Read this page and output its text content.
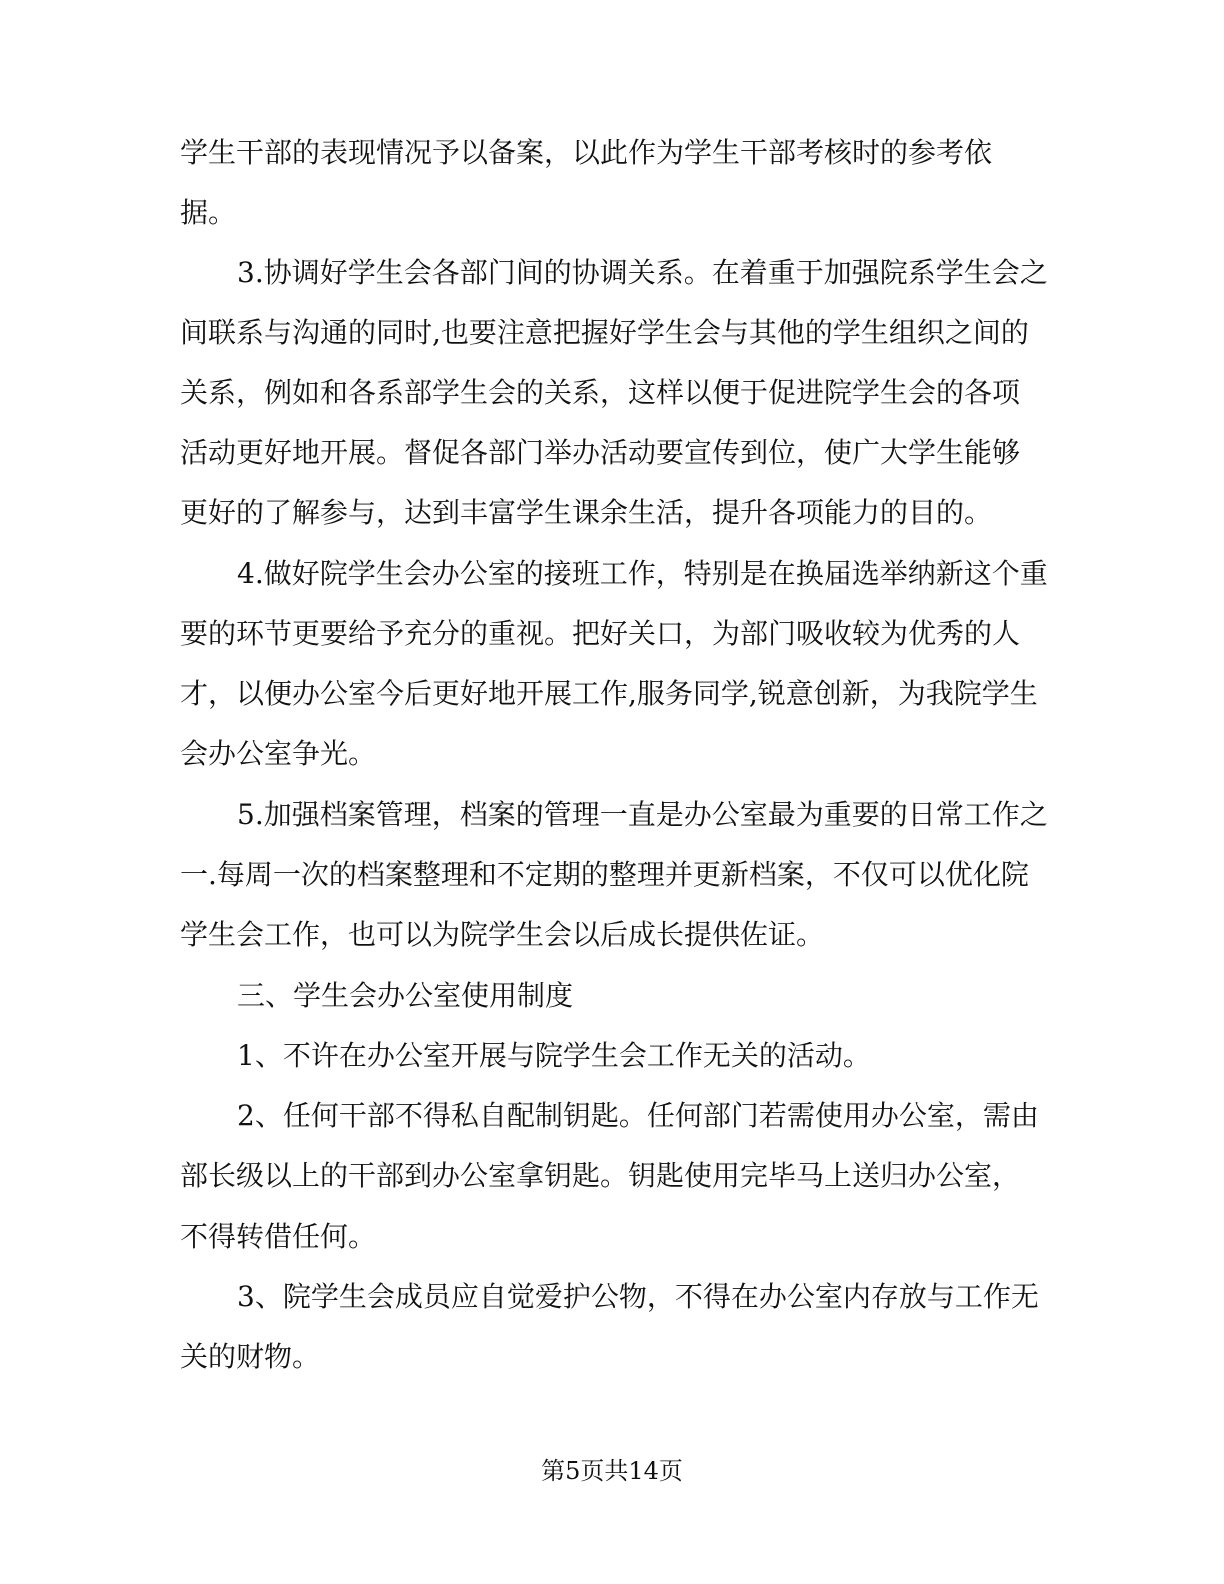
学生干部的表现情况予以备案，以此作为学生干部考核时的参考依
据。
3.协调好学生会各部门间的协调关系。在着重于加强院系学生会之
间联系与沟通的同时,也要注意把握好学生会与其他的学生组织之间的
关系，例如和各系部学生会的关系，这样以便于促进院学生会的各项
活动更好地开展。督促各部门举办活动要宣传到位，使广大学生能够
更好的了解参与，达到丰富学生课余生活，提升各项能力的目的。
4.做好院学生会办公室的接班工作，特别是在换届选举纳新这个重
要的环节更要给予充分的重视。把好关口，为部门吸收较为优秀的人
才，以便办公室今后更好地开展工作,服务同学,锐意创新，为我院学生
会办公室争光。
5.加强档案管理，档案的管理一直是办公室最为重要的日常工作之
一.每周一次的档案整理和不定期的整理并更新档案，不仅可以优化院
学生会工作，也可以为院学生会以后成长提供佐证。
三、学生会办公室使用制度
1、不许在办公室开展与院学生会工作无关的活动。
2、任何干部不得私自配制钥匙。任何部门若需使用办公室，需由
部长级以上的干部到办公室拿钥匙。钥匙使用完毕马上送归办公室，
不得转借任何。
3、院学生会成员应自觉爱护公物，不得在办公室内存放与工作无
关的财物。
第5页共14页
